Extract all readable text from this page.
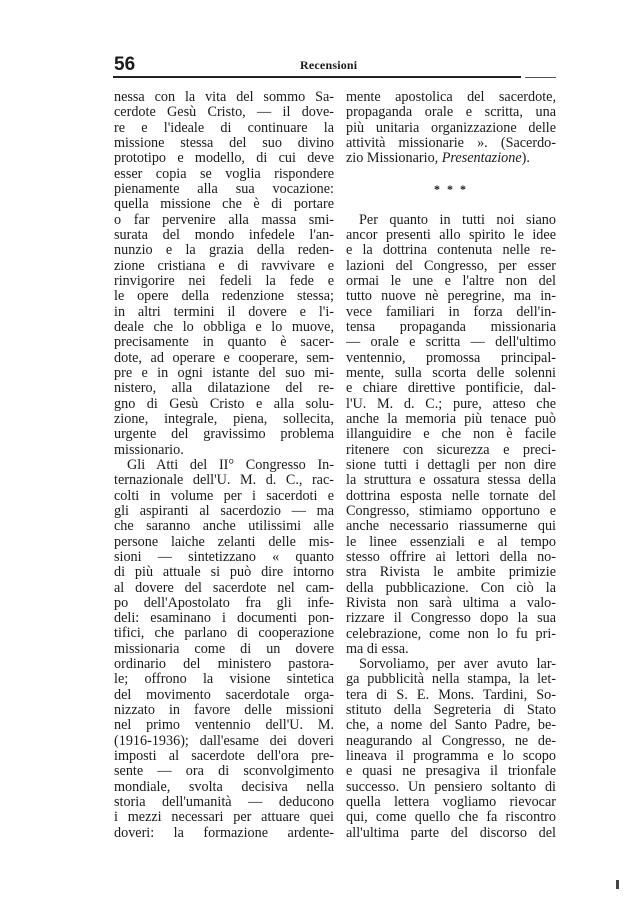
56	Recensioni
nessa con la vita del sommo Sa-
cerdote Gesù Cristo, — il dove-
re e l'ideale di continuare la
missione stessa del suo divino
prototipo e modello, di cui deve
esser copia se voglia rispondere
pienamente alla sua vocazione:
quella missione che è di portare
o far pervenire alla massa smi-
surata del mondo infedele l'an-
nunzio e la grazia della reden-
zione cristiana e di ravvivare e
rinvigorire nei fedeli la fede e
le opere della redenzione stessa;
in altri termini il dovere e l'i-
deale che lo obbliga e lo muove,
precisamente in quanto è sacer-
dote, ad operare e cooperare, sem-
pre e in ogni istante del suo mi-
nistero, alla dilatazione del re-
gno di Gesù Cristo e alla solu-
zione, integrale, piena, sollecita,
urgente del gravissimo problema
missionario.
Gli Atti del II° Congresso In-
ternazionale dell'U. M. d. C., rac-
colti in volume per i sacerdoti e
gli aspiranti al sacerdozio — ma
che saranno anche utilissimi alle
persone laiche zelanti delle mis-
sioni — sintetizzano « quanto
di più attuale si può dire intorno
al dovere del sacerdote nel cam-
po dell'Apostolato fra gli infe-
deli: esaminano i documenti pon-
tifici, che parlano di cooperazione
missionaria come di un dovere
ordinario del ministero pastora-
le; offrono la visione sintetica
del movimento sacerdotale orga-
nizzato in favore delle missioni
nel primo ventennio dell'U. M.
(1916-1936); dall'esame dei doveri
imposti al sacerdote dell'ora pre-
sente — ora di sconvolgimento
mondiale, svolta decisiva nella
storia dell'umanità — deducono
i mezzi necessari per attuare quei
doveri: la formazione ardente-
mente apostolica del sacerdote,
propaganda orale e scritta, una
più unitaria organizzazione delle
attività missionarie ». (Sacerdo-
zio Missionario, Presentazione).
* * *
Per quanto in tutti noi siano
ancor presenti allo spirito le idee
e la dottrina contenuta nelle re-
lazioni del Congresso, per esser
ormai le une e l'altre non del
tutto nuove nè peregrine, ma in-
vece familiari in forza dell'in-
tensa propaganda missionaria
— orale e scritta — dell'ultimo
ventennio, promossa principal-
mente, sulla scorta delle solenni
e chiare direttive pontificie, dal-
l'U. M. d. C.; pure, atteso che
anche la memoria più tenace può
illanguidire e che non è facile
ritenere con sicurezza e preci-
sione tutti i dettagli per non dire
la struttura e ossatura stessa della
dottrina esposta nelle tornate del
Congresso, stimiamo opportuno e
anche necessario riassumerne qui
le linee essenziali e al tempo
stesso offrire ai lettori della no-
stra Rivista le ambite primizie
della pubblicazione. Con ciò la
Rivista non sarà ultima a valo-
rizzare il Congresso dopo la sua
celebrazione, come non lo fu pri-
ma di essa.
Sorvoliamo, per aver avuto lar-
ga pubblicità nella stampa, la let-
tera di S. E. Mons. Tardini, So-
stituto della Segreteria di Stato
che, a nome del Santo Padre, be-
neagurando al Congresso, ne de-
lineava il programma e lo scopo
e quasi ne presagiva il trionfale
successo. Un pensiero soltanto di
quella lettera vogliamo rievocar
qui, come quello che fa riscontro
all'ultima parte del discorso del
